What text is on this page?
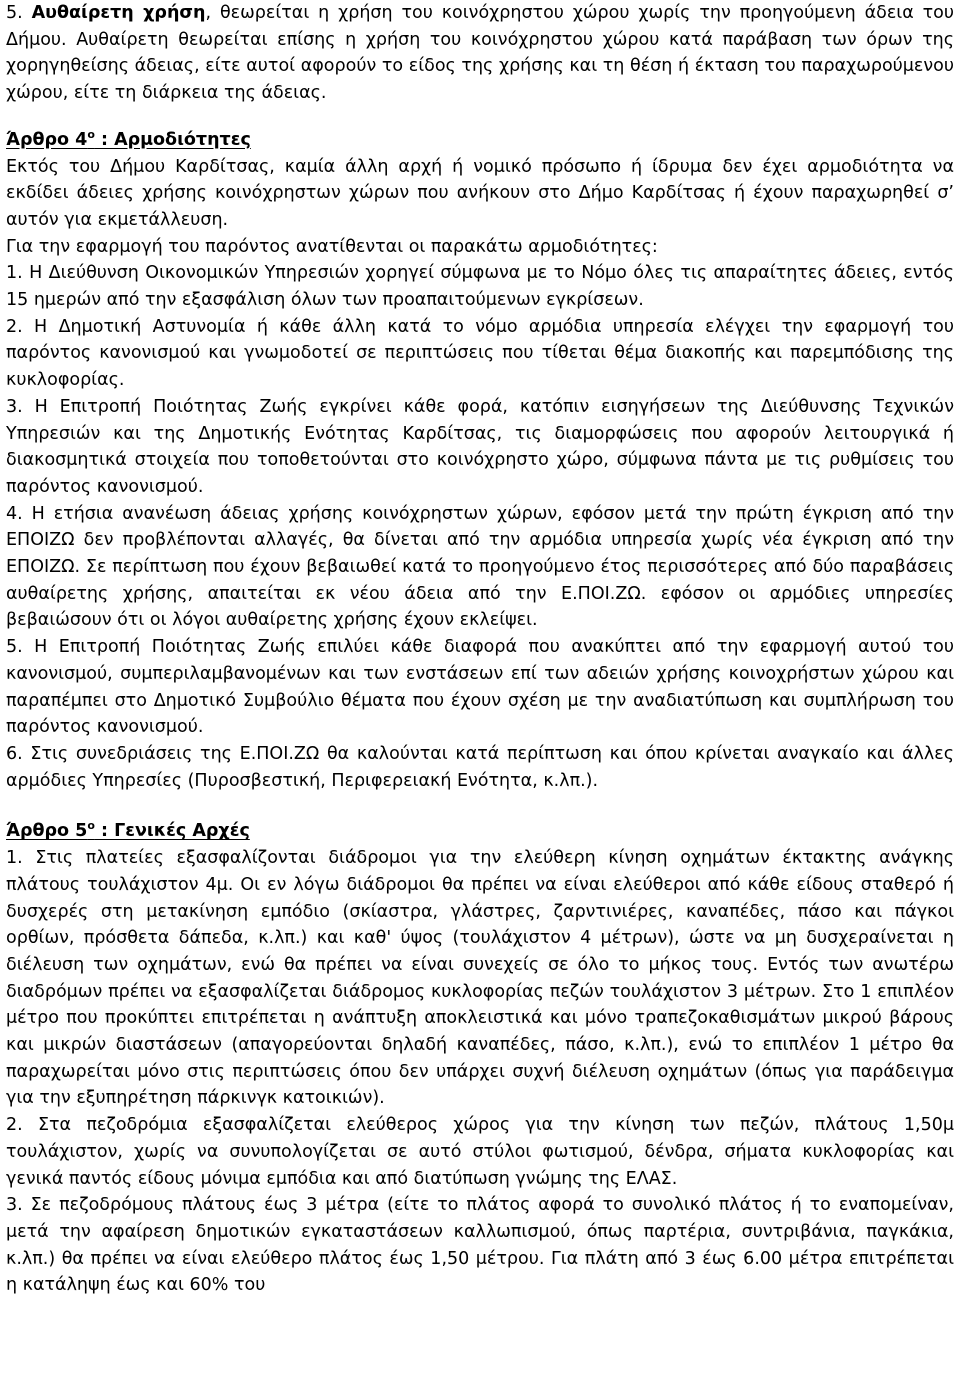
5. Αυθαίρετη χρήση, θεωρείται η χρήση του κοινόχρηστου χώρου χωρίς την προηγούμενη άδεια του Δήμου. Αυθαίρετη θεωρείται επίσης η χρήση του κοινόχρηστου χώρου κατά παράβαση των όρων της χορηγηθείσης άδειας, είτε αυτοί αφορούν το είδος της χρήσης και τη θέση ή έκταση του παραχωρούμενου χώρου, είτε τη διάρκεια της άδειας.

Άρθρο $4^o$ : Αρμοδιότητες

Εκτός του Δήμου Καρδίτσας, καμία άλλη αρχή ή νομικό πρόσωπο ή ίδρυμα δεν έχει αρμοδιότητα να εκδίδει άδειες χρήσης κοινόχρηστων χώρων που ανήκουν στο Δήμο Καρδίτσας ή έχουν παραχωρηθεί σ’ αυτόν για εκμετάλλευση.

Για την εφαρμογή του παρόντος ανατίθενται οι παρακάτω αρμοδιότητες:

1. Η Διεύθυνση Οικονομικών Υπηρεσιών χορηγεί σύμφωνα με το Νόμο όλες τις απαραίτητες άδειες, εντός 15 ημερών από την εξασφάλιση όλων των προαπαιτούμενων εγκρίσεων.

2. Η Δημοτική Αστυνομία ή κάθε άλλη κατά το νόμο αρμόδια υπηρεσία ελέγχει την εφαρμογή του παρόντος κανονισμού και γνωμοδοτεί σε περιπτώσεις που τίθεται θέμα διακοπής και παρεμπόδισης της κυκλοφορίας.

3. Η Επιτροπή Ποιότητας Ζωής εγκρίνει κάθε φορά, κατόπιν εισηγήσεων της Διεύθυνσης Τεχνικών Υπηρεσιών και της Δημοτικής Ενότητας Καρδίτσας, τις διαμορφώσεις που αφορούν λειτουργικά ή διακοσμητικά στοιχεία που τοποθετούνται στο κοινόχρηστο χώρο, σύμφωνα πάντα με τις ρυθμίσεις του παρόντος κανονισμού.

4. Η ετήσια ανανέωση άδειας χρήσης κοινόχρηστων χώρων, εφόσον μετά την πρώτη έγκριση από την ΕΠΟΙΖΩ δεν προβλέπονται αλλαγές, θα δίνεται από την αρμόδια υπηρεσία χωρίς νέα έγκριση από την ΕΠΟΙΖΩ. Σε περίπτωση που έχουν βεβαιωθεί κατά το προηγούμενο έτος περισσότερες από δύο παραβάσεις αυθαίρετης χρήσης, απαιτείται εκ νέου άδεια από την Ε.ΠΟΙ.ΖΩ. εφόσον οι αρμόδιες υπηρεσίες βεβαιώσουν ότι οι λόγοι αυθαίρετης χρήσης έχουν εκλείψει.

5. Η Επιτροπή Ποιότητας Ζωής επιλύει κάθε διαφορά που ανακύπτει από την εφαρμογή αυτού του κανονισμού, συμπεριλαμβανομένων και των ενστάσεων επί των αδειών χρήσης κοινοχρήστων χώρου και παραπέμπει στο Δημοτικό Συμβούλιο θέματα που έχουν σχέση με την αναδιατύπωση και συμπλήρωση του παρόντος κανονισμού.

6. Στις συνεδριάσεις της Ε.ΠΟΙ.ΖΩ θα καλούνται κατά περίπτωση και όπου κρίνεται αναγκαίο και άλλες αρμόδιες Υπηρεσίες (Πυροσβεστική, Περιφερειακή Ενότητα, κ.λπ.).

Άρθρο $5^o$ : Γενικές Αρχές

1. Στις πλατείες εξασφαλίζονται διάδρομοι για την ελεύθερη κίνηση οχημάτων έκτακτης ανάγκης πλάτους τουλάχιστον 4μ. Οι εν λόγω διάδρομοι θα πρέπει να είναι ελεύθεροι από κάθε είδους σταθερό ή δυσχερές στη μετακίνηση εμπόδιο (σκίαστρα, γλάστρες, ζαρντινιέρες, καναπέδες, πάσο και πάγκοι ορθίων, πρόσθετα δάπεδα, κ.λπ.) και καθ' ύψος (τουλάχιστον 4 μέτρων), ώστε να μη δυσχεραίνεται η διέλευση των οχημάτων, ενώ θα πρέπει να είναι συνεχείς σε όλο το μήκος τους. Εντός των ανωτέρω διαδρόμων πρέπει να εξασφαλίζεται διάδρομος κυκλοφορίας πεζών τουλάχιστον 3 μέτρων. Στο 1 επιπλέον μέτρο που προκύπτει επιτρέπεται η ανάπτυξη αποκλειστικά και μόνο τραπεζοκαθισμάτων μικρού βάρους και μικρών διαστάσεων (απαγορεύονται δηλαδή καναπέδες, πάσο, κ.λπ.), ενώ το επιπλέον 1 μέτρο θα παραχωρείται μόνο στις περιπτώσεις όπου δεν υπάρχει συχνή διέλευση οχημάτων (όπως για παράδειγμα για την εξυπηρέτηση πάρκινγκ κατοικιών).

2. Στα πεζοδρόμια εξασφαλίζεται ελεύθερος χώρος για την κίνηση των πεζών, πλάτους 1,50μ τουλάχιστον, χωρίς να συνυπολογίζεται σε αυτό στύλοι φωτισμού, δένδρα, σήματα κυκλοφορίας και γενικά παντός είδους μόνιμα εμπόδια και από διατύπωση γνώμης της ΕΛΑΣ.

3. Σε πεζοδρόμους πλάτους έως 3 μέτρα (είτε το πλάτος αφορά το συνολικό πλάτος ή το εναπομείναν, μετά την αφαίρεση δημοτικών εγκαταστάσεων καλλωπισμού, όπως παρτέρια, συντριβάνια, παγκάκια, κ.λπ.) θα πρέπει να είναι ελεύθερο πλάτος έως 1,50 μέτρου. Για πλάτη από 3 έως 6.00 μέτρα επιτρέπεται η κατάληψη έως και 60% του
